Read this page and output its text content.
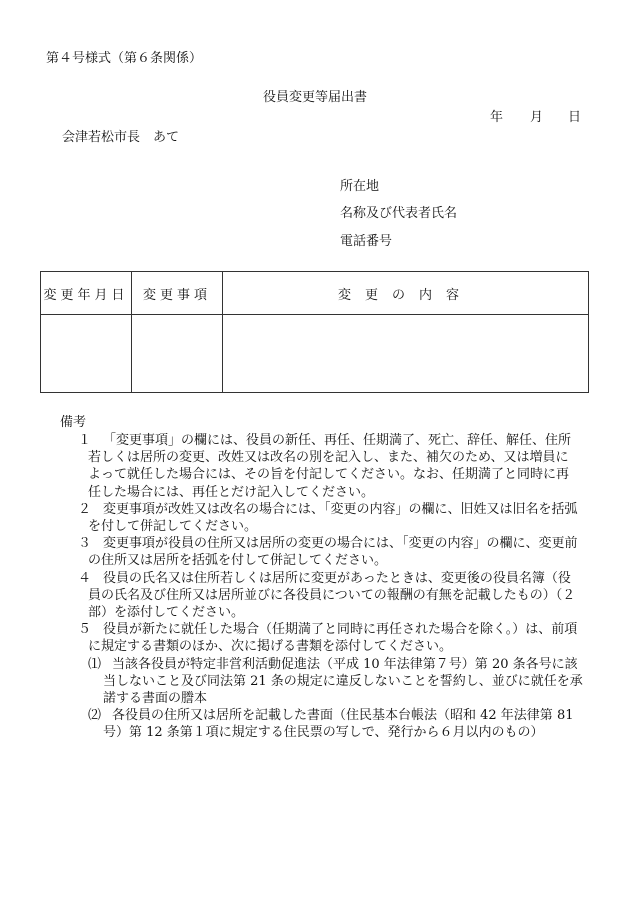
第４号様式（第６条関係）
役員変更等届出書
年 月 日
会津若松市長　あて
所在地
名称及び代表者氏名
電話番号
変更年月日	変更事項	変更の内容

備考
１ 「変更事項」の欄には、役員の新任、再任、任期満了、死亡、辞任、解任、住所
若しくは居所の変更、改姓又は改名の別を記入し、また、補欠のため、又は増員に
よって就任した場合には、その旨を付記してください。なお、任期満了と同時に再
任した場合には、再任とだけ記入してください。
２ 変更事項が改姓又は改名の場合には、「変更の内容」の欄に、旧姓又は旧名を括弧
を付して併記してください。
３ 変更事項が役員の住所又は居所の変更の場合には、「変更の内容」の欄に、変更前
の住所又は居所を括弧を付して併記してください。
４ 役員の氏名又は住所若しくは居所に変更があったときは、変更後の役員名簿（役
員の氏名及び住所又は居所並びに各役員についての報酬の有無を記載したもの）（２
部）を添付してください。
５ 役員が新たに就任した場合（任期満了と同時に再任された場合を除く。）は、前項
に規定する書類のほか、次に掲げる書類を添付してください。
⑴ 当該各役員が特定非営利活動促進法（平成 10 年法律第７号）第 20 条各号に該
当しないこと及び同法第 21 条の規定に違反しないことを誓約し、並びに就任を承
諾する書面の謄本
⑵ 各役員の住所又は居所を記載した書面（住民基本台帳法（昭和 42 年法律第 81
号）第 12 条第１項に規定する住民票の写しで、発行から６月以内のもの）
